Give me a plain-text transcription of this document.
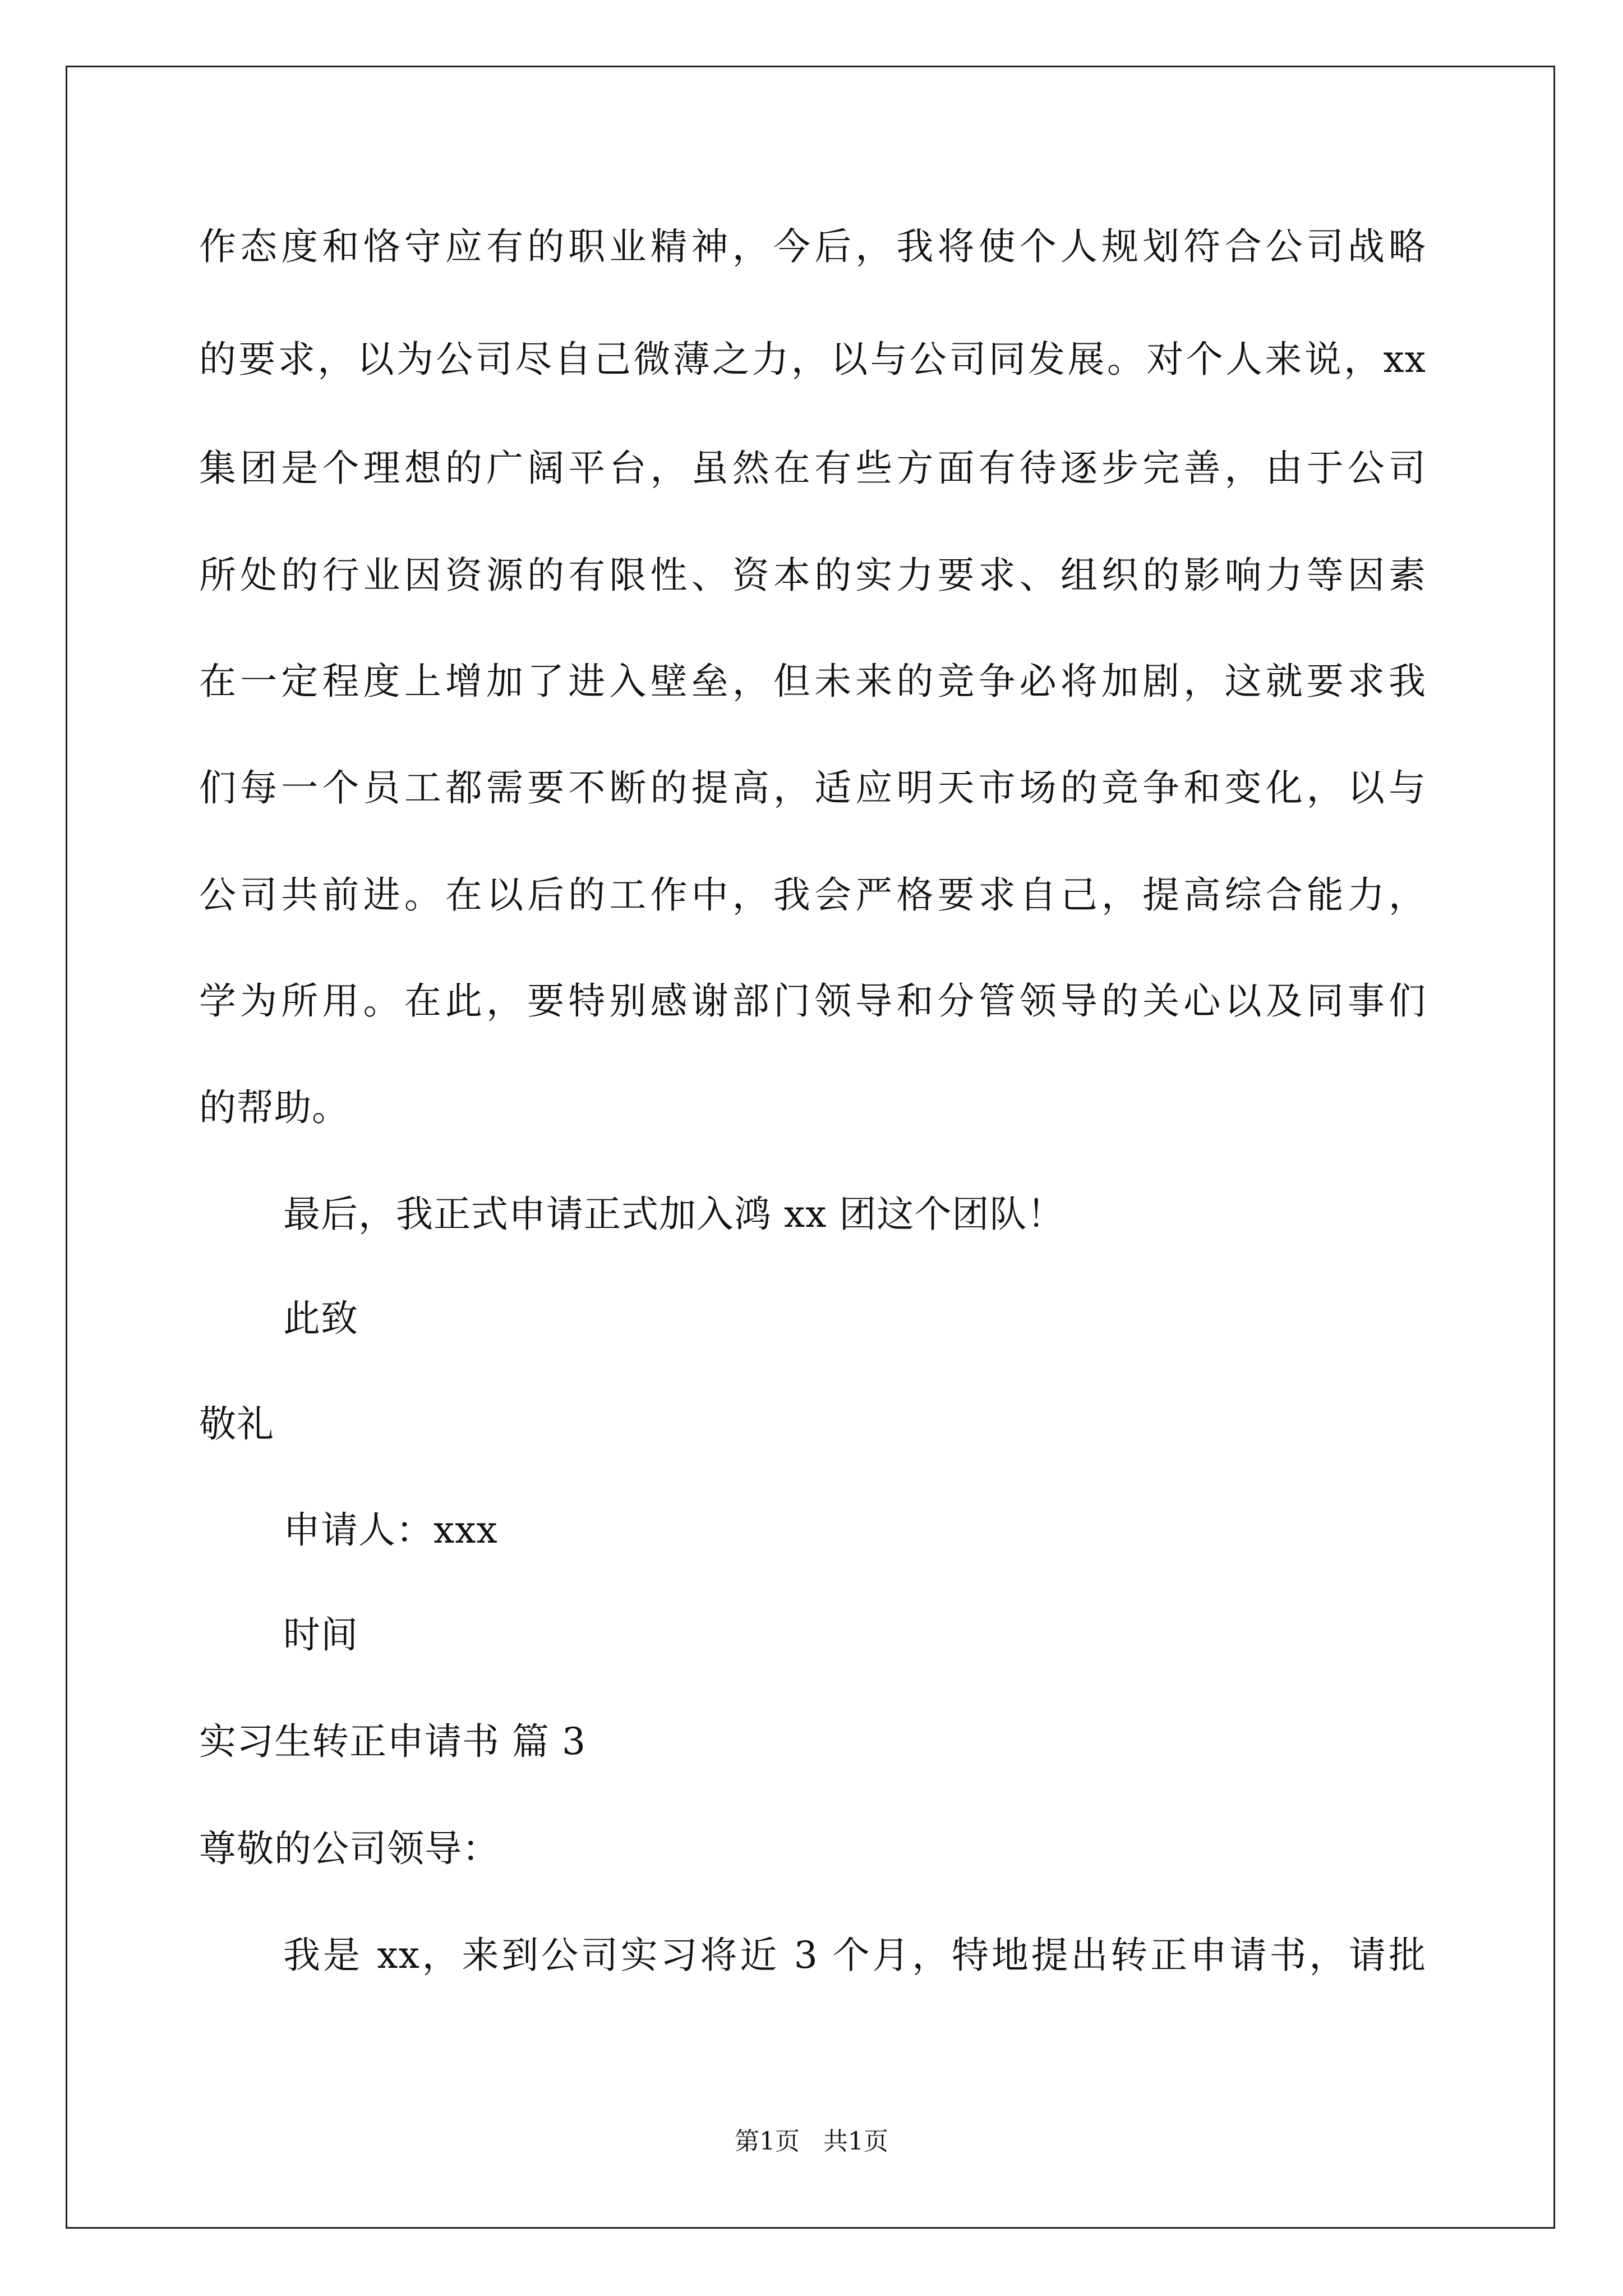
作态度和恪守应有的职业精神，今后，我将使个人规划符合公司战略
的要求，以为公司尽自己微薄之力，以与公司同发展。对个人来说，xx
集团是个理想的广阔平台，虽然在有些方面有待逐步完善，由于公司
所处的行业因资源的有限性、资本的实力要求、组织的影响力等因素
在一定程度上增加了进入壁垒，但未来的竞争必将加剧，这就要求我
们每一个员工都需要不断的提高，适应明天市场的竞争和变化，以与
公司共前进。在以后的工作中，我会严格要求自己，提高综合能力，
学为所用。在此，要特别感谢部门领导和分管领导的关心以及同事们
的帮助。
最后，我正式申请正式加入鸿 xx 团这个团队！
此致
敬礼
申请人：xxx
时间
实习生转正申请书 篇 3
尊敬的公司领导：
我是 xx，来到公司实习将近 3 个月，特地提出转正申请书，请批
第1页   共1页
